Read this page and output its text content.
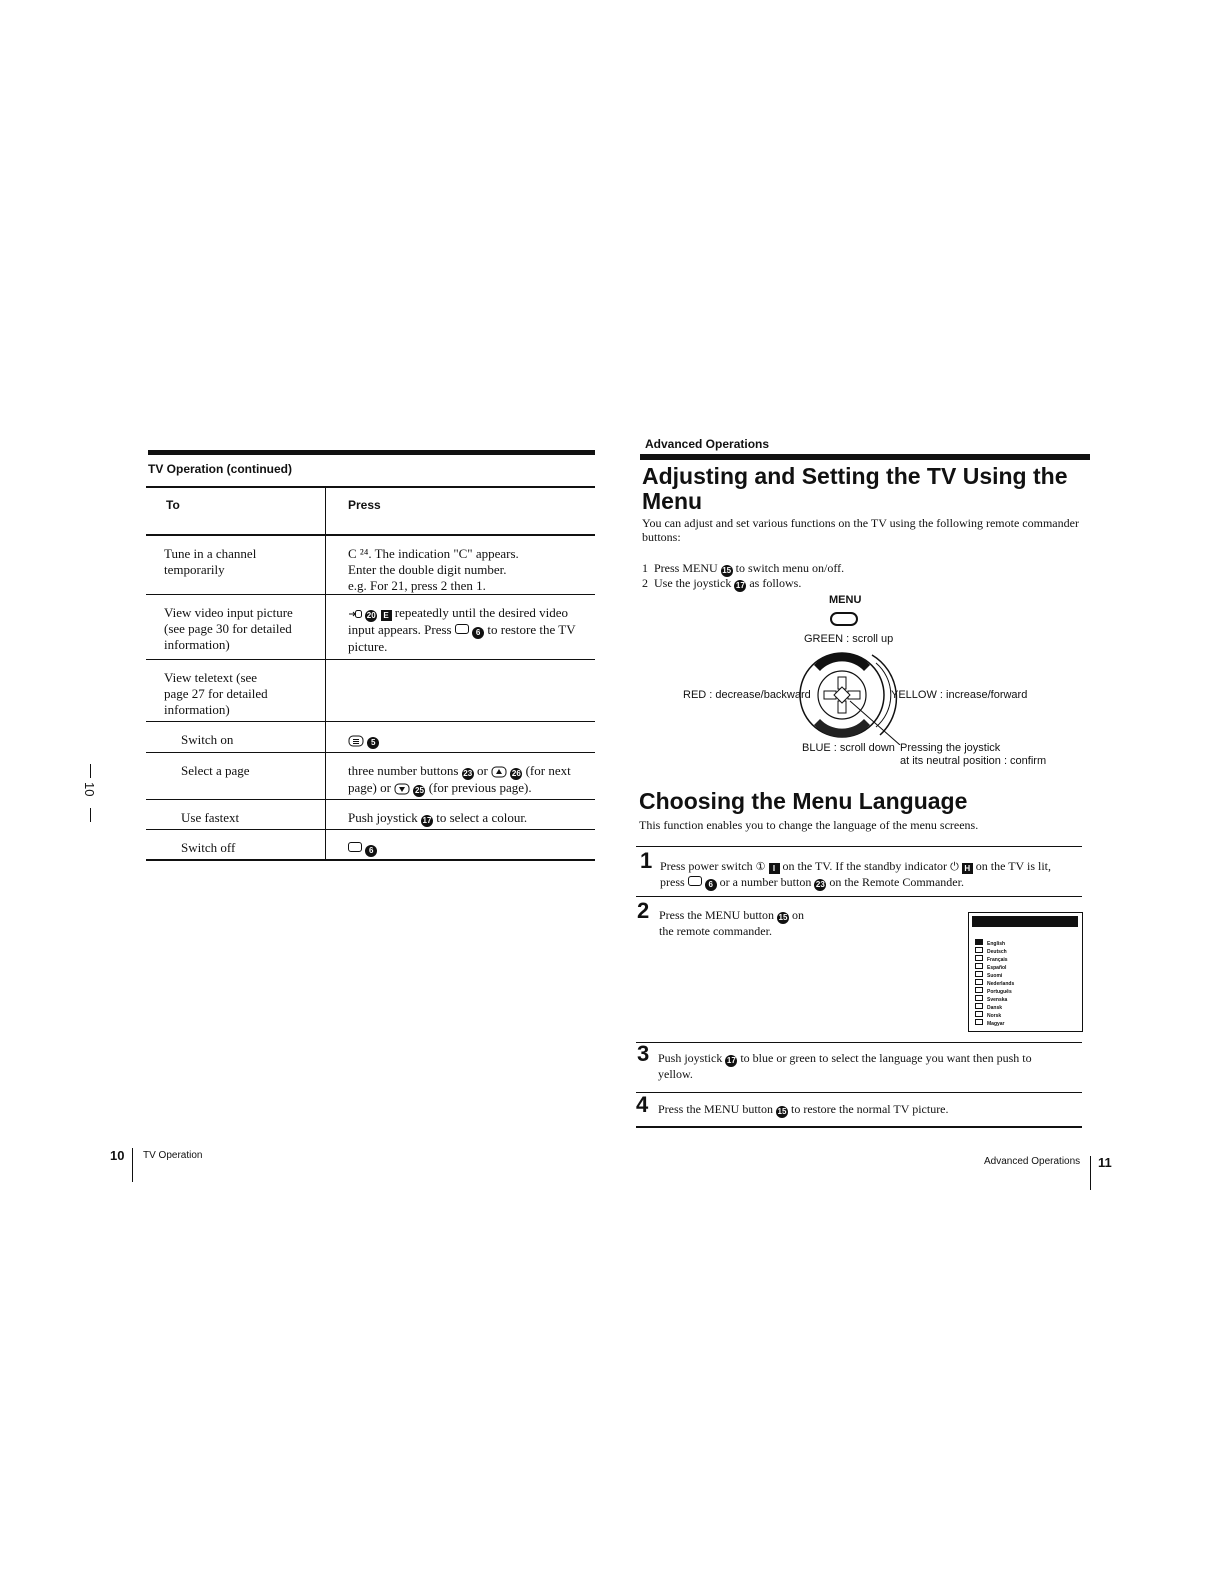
TV Operation (continued)
To	Press

Tune in a channel
temporarily	C ²⁴. The indication "C" appears.
Enter the double digit number.
e.g. For 21, press 2 then 1.

View video input picture
(see page 30 for detailed
information)	20 E repeatedly until the desired video
input appears. Press 6 to restore the TV
picture.

View teletext (see
page 27 for detailed
information)	

Switch on	5

Select a page	three number buttons 23 or 26 (for next
page) or 25 (for previous page).

Use fastext	Push joystick 17 to select a colour.

Switch off	6
10
10 TV Operation
Advanced Operations
Adjusting and Setting the TV Using the Menu
You can adjust and set various functions on the TV using the following remote commander buttons:
1 Press MENU 15 to switch menu on/off.
2 Use the joystick 17 as follows.
MENU
GREEN : scroll up
RED : decrease/backward	YELLOW : increase/forward
BLUE : scroll down Pressing the joystick
at its neutral position : confirm
Choosing the Menu Language
This function enables you to change the language of the menu screens.
1 Press power switch ① I on the TV. If the standby indicator ⏻ H on the TV is lit,
press	6 or a number button 23 on the Remote Commander.
2 Press the MENU button 15 on
the remote commander.
English
Deutsch
Français
Español
Suomi
Nederlands
Português
Svenska
Dansk
Norsk
Magyar
3 Push joystick 17 to blue or green to select the language you want then push to
yellow.
4 Press the MENU button 15 to restore the normal TV picture.
Advanced Operations 11
